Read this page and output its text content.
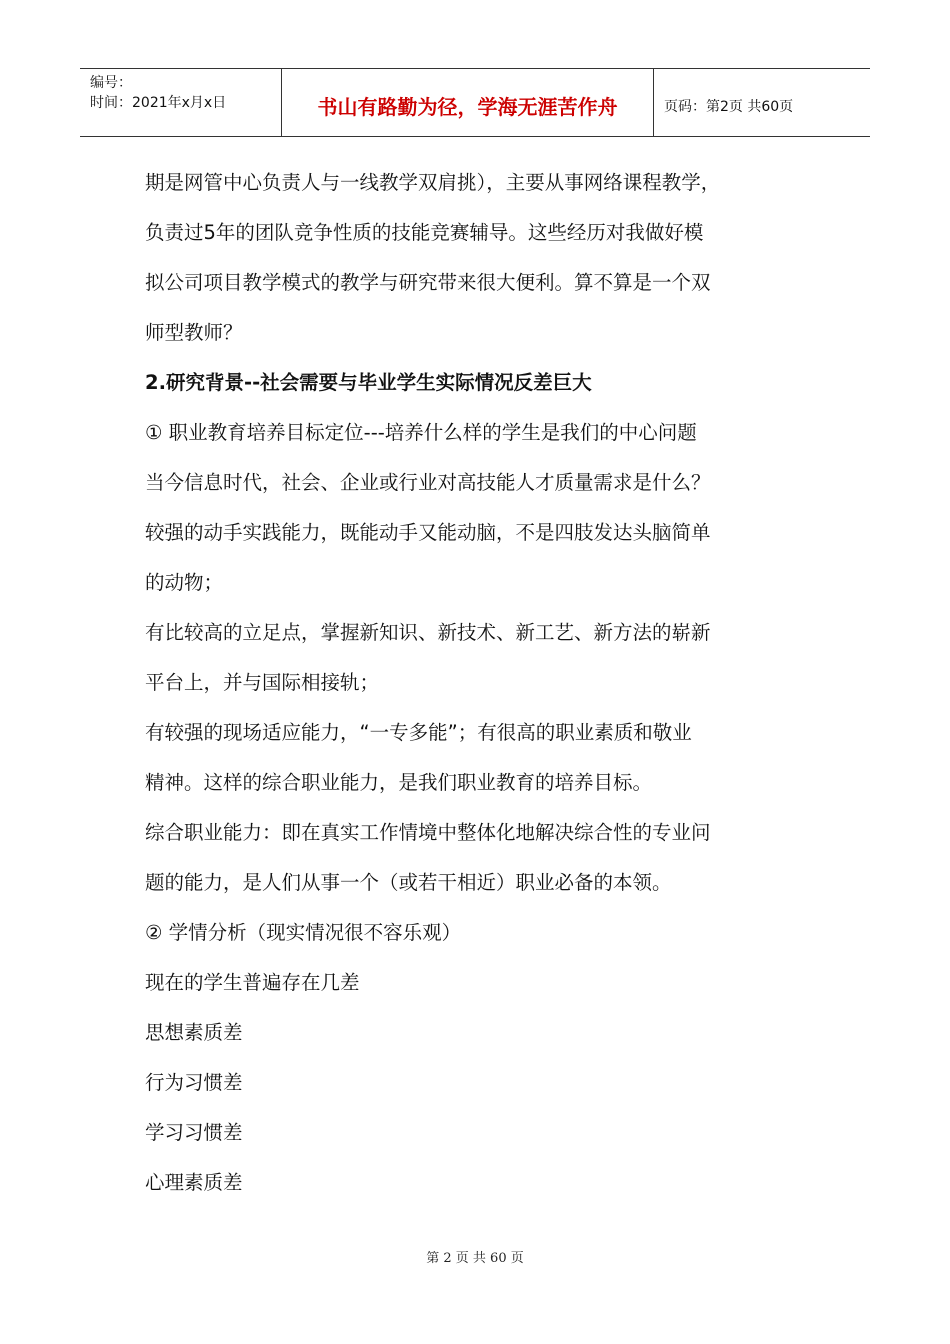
编号：
时间：2021年x月x日	书山有路勤为径，学海无涯苦作舟	页码：第2页 共60页

期是网管中心负责人与一线教学双肩挑），主要从事网络课程教学，

负责过5年的团队竞争性质的技能竞赛辅导。这些经历对我做好模

拟公司项目教学模式的教学与研究带来很大便利。算不算是一个双

师型教师？

2.研究背景--社会需要与毕业学生实际情况反差巨大

① 职业教育培养目标定位---培养什么样的学生是我们的中心问题

当今信息时代，社会、企业或行业对高技能人才质量需求是什么？

较强的动手实践能力，既能动手又能动脑，不是四肢发达头脑简单

的动物；

有比较高的立足点，掌握新知识、新技术、新工艺、新方法的崭新

平台上，并与国际相接轨；

有较强的现场适应能力，“一专多能”；有很高的职业素质和敬业

精神。这样的综合职业能力，是我们职业教育的培养目标。

综合职业能力：即在真实工作情境中整体化地解决综合性的专业问

题的能力，是人们从事一个（或若干相近）职业必备的本领。

② 学情分析（现实情况很不容乐观）

现在的学生普遍存在几差

思想素质差

行为习惯差

学习习惯差

心理素质差

第 2 页 共 60 页
